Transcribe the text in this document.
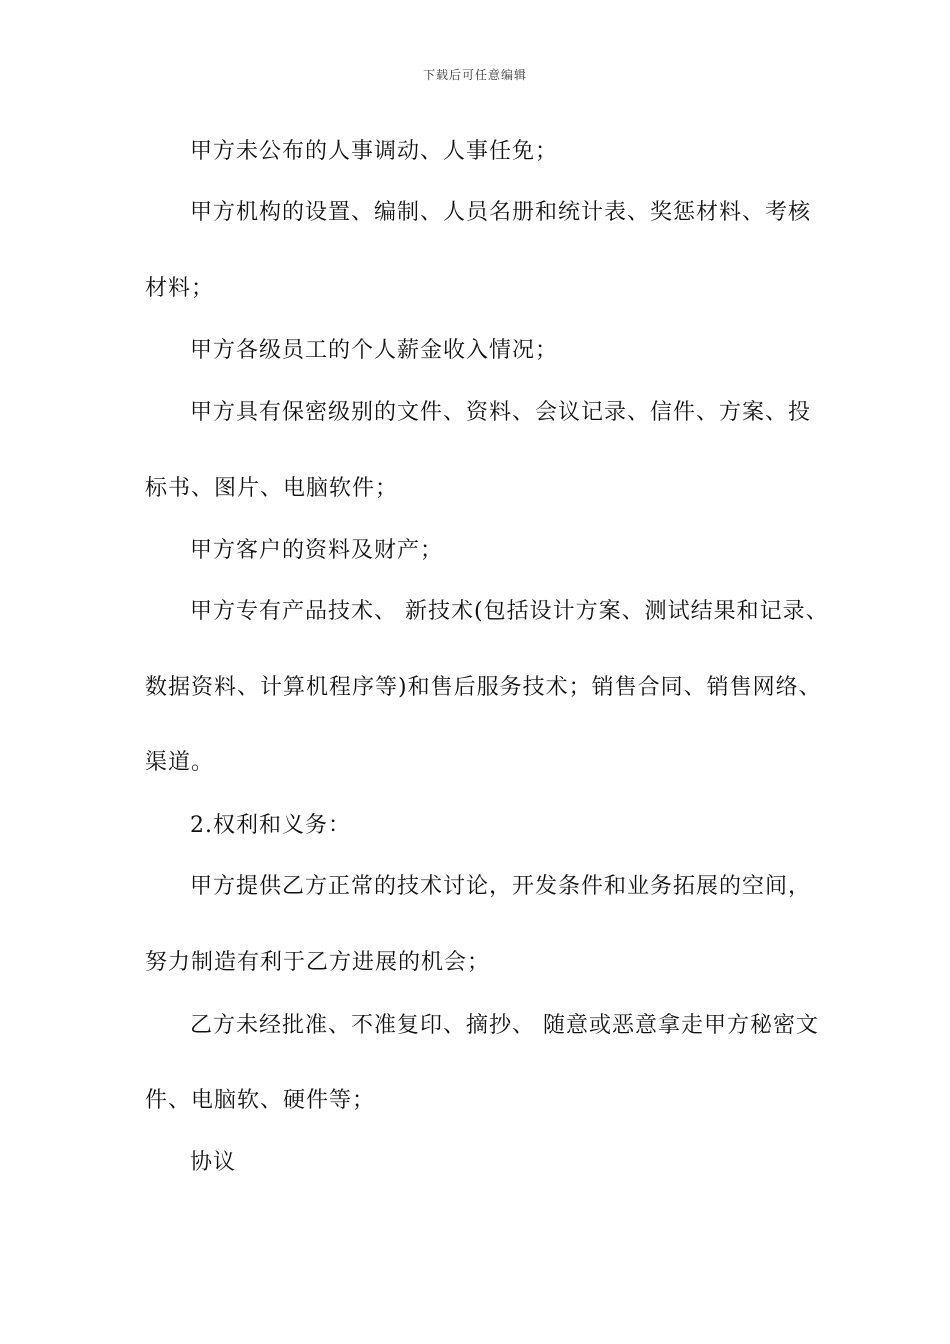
下载后可任意编辑
甲方未公布的人事调动、人事任免；
甲方机构的设置、编制、人员名册和统计表、奖惩材料、考核
材料；
甲方各级员工的个人薪金收入情况；
甲方具有保密级别的文件、资料、会议记录、信件、方案、投
标书、图片、电脑软件；
甲方客户的资料及财产；
甲方专有产品技术、 新技术(包括设计方案、测试结果和记录、
数据资料、计算机程序等)和售后服务技术；销售合同、销售网络、
渠道。
2.权利和义务：
甲方提供乙方正常的技术讨论，开发条件和业务拓展的空间，
努力制造有利于乙方进展的机会；
乙方未经批准、不准复印、摘抄、 随意或恶意拿走甲方秘密文
件、电脑软、硬件等；
协议
